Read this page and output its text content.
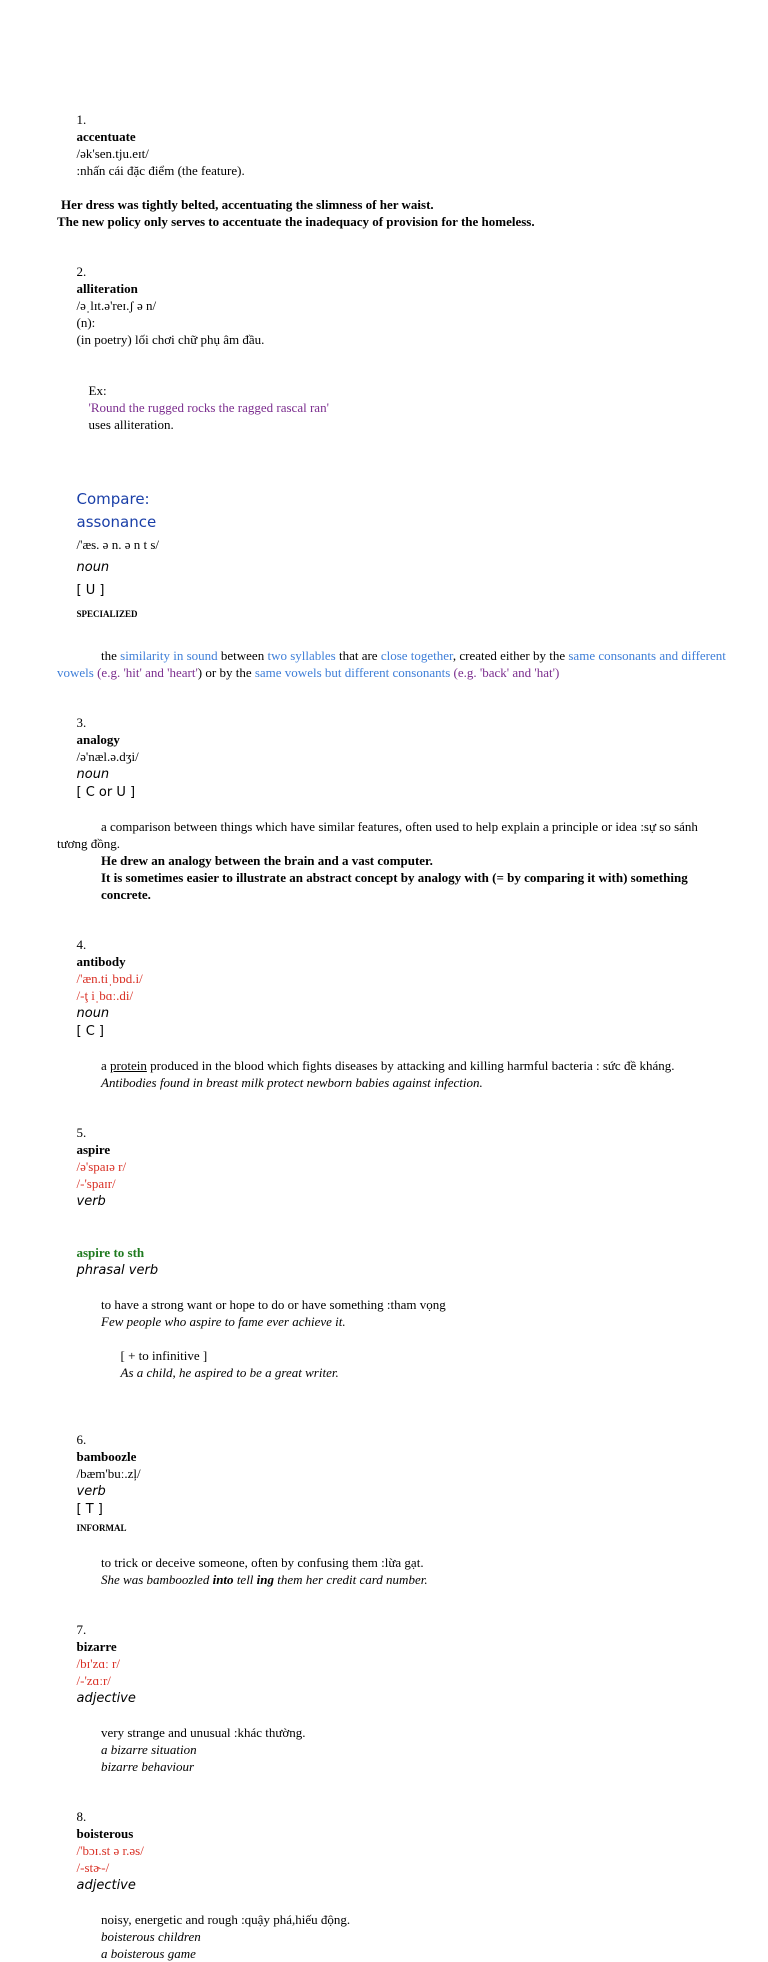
1.
accentuate
/ək'sen.tju.eɪt/
:nhấn cái đặc điểm (the feature).

Her dress was tightly belted, accentuating the slimness of her waist.
The new policy only serves to accentuate the inadequacy of provision for the homeless.

2.
alliteration
/əˌlɪt.ə'reɪ.ʃ ə n/
(n):
(in poetry) lối chơi chữ phụ âm đầu.

Ex:
'Round the rugged rocks the ragged rascal ran'
uses alliteration.

Compare:
assonance
/'æs. ə n. ə n t s/
noun
[ U ]
SPECIALIZED

the similarity in sound between two syllables that are close together, created either by the same consonants and different vowels (e.g. 'hit' and 'heart') or by the same vowels but different consonants (e.g. 'back' and 'hat')

3.
analogy
/ə'næl.ə.dʒi/
noun
[ C or U ]

a comparison between things which have similar features, often used to help explain a principle or idea :sự so sánh tương đồng.
He drew an analogy between the brain and a vast computer.
It is sometimes easier to illustrate an abstract concept by analogy with (= by comparing it with) something concrete.

4.
antibody
/'æn.tiˌbɒd.i/
/-ţ iˌbɑː.di/
noun
[ C ]

a protein produced in the blood which fights diseases by attacking and killing harmful bacteria : sức đề kháng.
Antibodies found in breast milk protect newborn babies against infection.

5.
aspire
/ə'spaɪə r/
/-'spaɪr/
verb

aspire to sth
phrasal verb

to have a strong want or hope to do or have something :tham vọng
Few people who aspire to fame ever achieve it.

[ + to infinitive ]
As a child, he aspired to be a great writer.

6.
bamboozle
/bæm'buː.zļ/
verb
[ T ]
INFORMAL

to trick or deceive someone, often by confusing them :lừa gạt.
She was bamboozled into tell ing them her credit card number.

7.
bizarre
/bɪ'zɑː r/
/-'zɑːr/
adjective

very strange and unusual :khác thường.
a bizarre situation
bizarre behaviour

8.
boisterous
/'bɔɪ.st ə r.əs/
/-stɚ-/
adjective

noisy, energetic and rough :quậy phá,hiếu động.
boisterous children
a boisterous game
